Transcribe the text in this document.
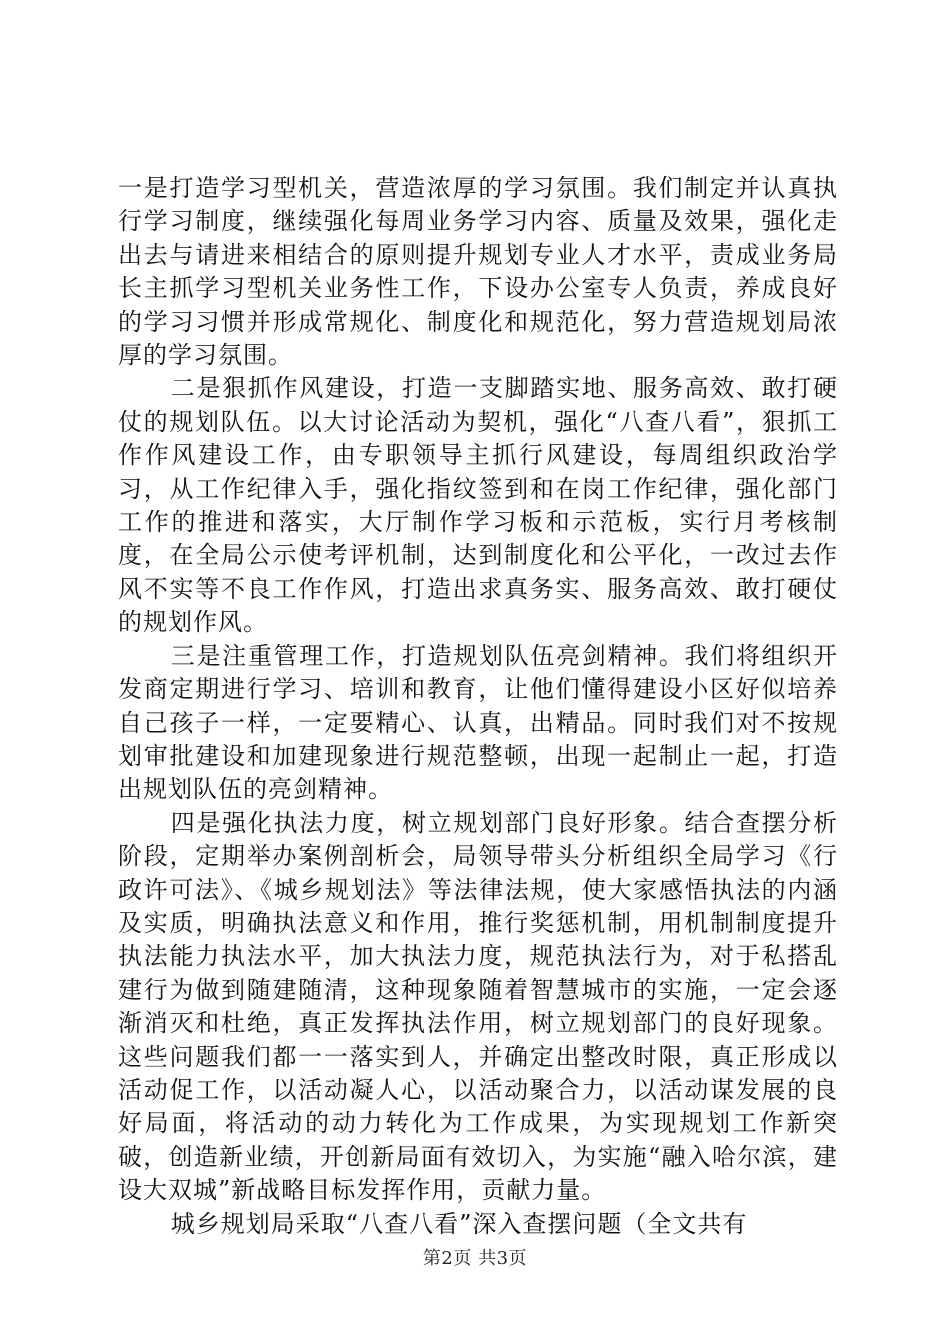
一是打造学习型机关，营造浓厚的学习氛围。我们制定并认真执行学习制度，继续强化每周业务学习内容、质量及效果，强化走出去与请进来相结合的原则提升规划专业人才水平，责成业务局长主抓学习型机关业务性工作，下设办公室专人负责，养成良好的学习习惯并形成常规化、制度化和规范化，努力营造规划局浓厚的学习氛围。

二是狠抓作风建设，打造一支脚踏实地、服务高效、敢打硬仗的规划队伍。以大讨论活动为契机，强化“八查八看”，狠抓工作作风建设工作，由专职领导主抓行风建设，每周组织政治学习，从工作纪律入手，强化指纹签到和在岗工作纪律，强化部门工作的推进和落实，大厅制作学习板和示范板，实行月考核制度，在全局公示使考评机制，达到制度化和公平化，一改过去作风不实等不良工作作风，打造出求真务实、服务高效、敢打硬仗的规划作风。

三是注重管理工作，打造规划队伍亮剑精神。我们将组织开发商定期进行学习、培训和教育，让他们懂得建设小区好似培养自己孩子一样，一定要精心、认真，出精品。同时我们对不按规划审批建设和加建现象进行规范整顿，出现一起制止一起，打造出规划队伍的亮剑精神。

四是强化执法力度，树立规划部门良好形象。结合查摆分析阶段，定期举办案例剖析会，局领导带头分析组织全局学习《行政许可法》、《城乡规划法》等法律法规，使大家感悟执法的内涵及实质，明确执法意义和作用，推行奖惩机制，用机制制度提升执法能力执法水平，加大执法力度，规范执法行为，对于私搭乱建行为做到随建随清，这种现象随着智慧城市的实施，一定会逐渐消灭和杜绝，真正发挥执法作用，树立规划部门的良好现象。这些问题我们都一一落实到人，并确定出整改时限，真正形成以活动促工作，以活动凝人心，以活动聚合力，以活动谋发展的良好局面，将活动的动力转化为工作成果，为实现规划工作新突破，创造新业绩，开创新局面有效切入，为实施“融入哈尔滨，建设大双城”新战略目标发挥作用，贡献力量。

城乡规划局采取“八查八看”深入查摆问题（全文共有

第2页 共3页
